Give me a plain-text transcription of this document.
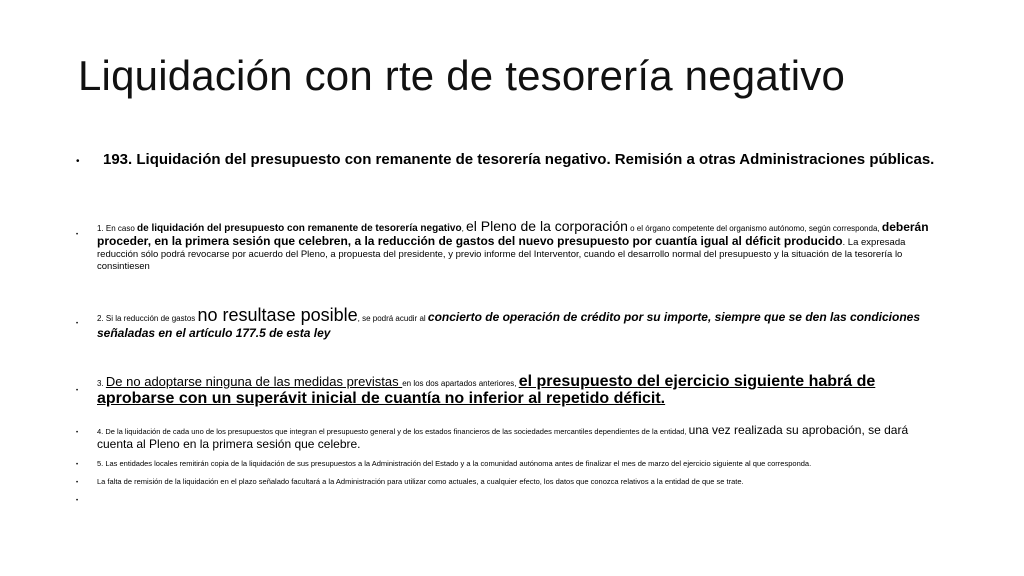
Liquidación con rte de tesorería negativo
•	193. Liquidación del presupuesto con remanente de tesorería negativo. Remisión a otras Administraciones públicas.
•
1. En caso de liquidación del presupuesto con remanente de tesorería negativo, el Pleno de la corporación o el órgano competente del organismo autónomo, según corresponda, deberán proceder, en la primera sesión que celebren, a la reducción de gastos del nuevo presupuesto por cuantía igual al déficit producido. La expresada reducción sólo podrá revocarse por acuerdo del Pleno, a propuesta del presidente, y previo informe del Interventor, cuando el desarrollo normal del presupuesto y la situación de la tesorería lo consintiesen
•
2. Si la reducción de gastos no resultase posible, se podrá acudir al concierto de operación de crédito por su importe, siempre que se den las condiciones señaladas en el artículo 177.5 de esta ley
•
3. De no adoptarse ninguna de las medidas previstas en los dos apartados anteriores, el presupuesto del ejercicio siguiente habrá de aprobarse con un superávit inicial de cuantía no inferior al repetido déficit.
•	4. De la liquidación de cada uno de los presupuestos que integran el presupuesto general y de los estados financieros de las sociedades mercantiles dependientes de la entidad, una vez realizada su aprobación, se dará cuenta al Pleno en la primera sesión que celebre.
•	5. Las entidades locales remitirán copia de la liquidación de sus presupuestos a la Administración del Estado y a la comunidad autónoma antes de finalizar el mes de marzo del ejercicio siguiente al que corresponda.
•	La falta de remisión de la liquidación en el plazo señalado facultará a la Administración para utilizar como actuales, a cualquier efecto, los datos que conozca relativos a la entidad de que se trate.
•
